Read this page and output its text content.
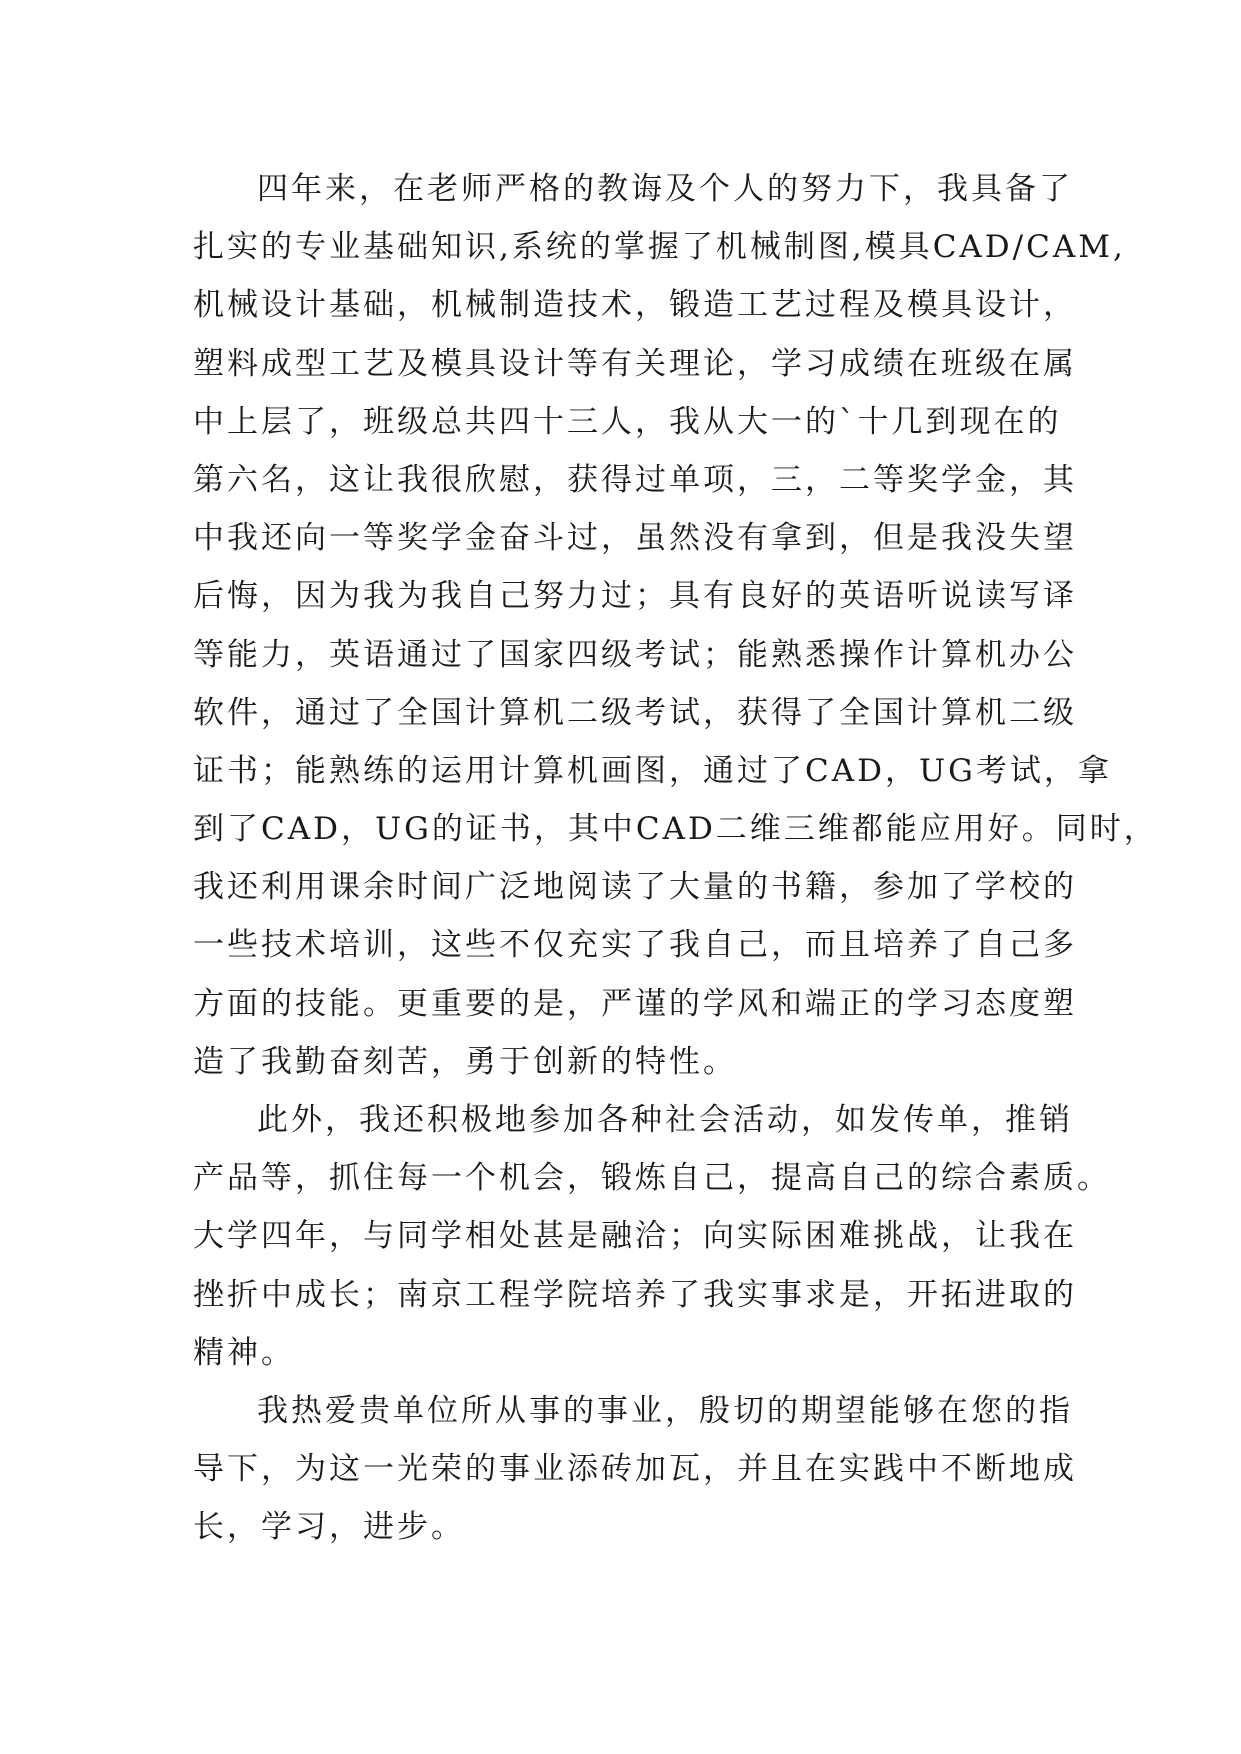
四年来，在老师严格的教诲及个人的努力下，我具备了
扎实的专业基础知识,系统的掌握了机械制图,模具CAD/CAM,
机械设计基础，机械制造技术，锻造工艺过程及模具设计，
塑料成型工艺及模具设计等有关理论，学习成绩在班级在属
中上层了，班级总共四十三人，我从大一的`十几到现在的
第六名，这让我很欣慰，获得过单项，三，二等奖学金，其
中我还向一等奖学金奋斗过，虽然没有拿到，但是我没失望
后悔，因为我为我自己努力过；具有良好的英语听说读写译
等能力，英语通过了国家四级考试；能熟悉操作计算机办公
软件，通过了全国计算机二级考试，获得了全国计算机二级
证书；能熟练的运用计算机画图，通过了CAD，UG考试，拿
到了CAD，UG的证书，其中CAD二维三维都能应用好。同时，
我还利用课余时间广泛地阅读了大量的书籍，参加了学校的
一些技术培训，这些不仅充实了我自己，而且培养了自己多
方面的技能。更重要的是，严谨的学风和端正的学习态度塑
造了我勤奋刻苦，勇于创新的特性。
此外，我还积极地参加各种社会活动，如发传单，推销
产品等，抓住每一个机会，锻炼自己，提高自己的综合素质。
大学四年，与同学相处甚是融洽；向实际困难挑战，让我在
挫折中成长；南京工程学院培养了我实事求是，开拓进取的
精神。
我热爱贵单位所从事的事业，殷切的期望能够在您的指
导下，为这一光荣的事业添砖加瓦，并且在实践中不断地成
长，学习，进步。
